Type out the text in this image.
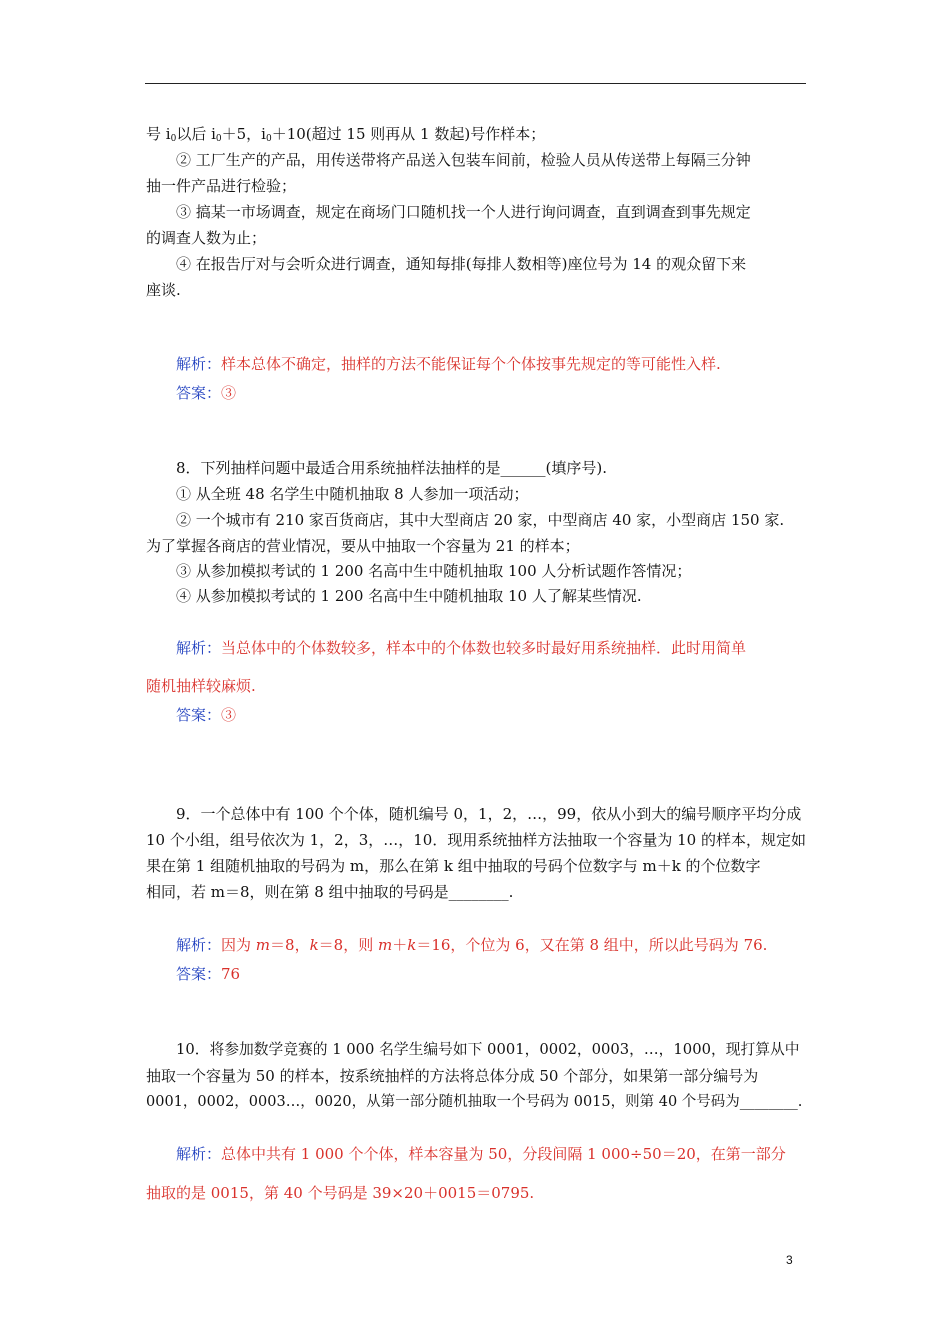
号 $i_0$以后 $i_0+5$，$i_0+10$(超过 15 则再从 1 数起)号作样本；
② 工厂生产的产品，用传送带将产品送入包装车间前，检验人员从传送带上每隔三分钟
抽一件产品进行检验；
③ 搞某一市场调查，规定在商场门口随机找一个人进行询问调查，直到调查到事先规定
的调查人数为止；
④ 在报告厅对与会听众进行调查，通知每排(每排人数相等)座位号为 14 的观众留下来
座谈.
解析：样本总体不确定，抽样的方法不能保证每个个体按事先规定的等可能性入样.
答案：③
8．下列抽样问题中最适合用系统抽样法抽样的是______(填序号).
① 从全班 48 名学生中随机抽取 8 人参加一项活动；
② 一个城市有 210 家百货商店，其中大型商店 20 家，中型商店 40 家，小型商店 150 家.
为了掌握各商店的营业情况，要从中抽取一个容量为 21 的样本；
③ 从参加模拟考试的 1 200 名高中生中随机抽取 100 人分析试题作答情况；
④ 从参加模拟考试的 1 200 名高中生中随机抽取 10 人了解某些情况.
解析：当总体中的个体数较多，样本中的个体数也较多时最好用系统抽样．此时用简单
随机抽样较麻烦.
答案：③
9．一个总体中有 100 个个体，随机编号 0，1，2，…，99，依从小到大的编号顺序平均分成
10 个小组，组号依次为 1，2，3，…，10．现用系统抽样方法抽取一个容量为 10 的样本，规定如
果在第 1 组随机抽取的号码为 m，那么在第 k 组中抽取的号码个位数字与 m＋k 的个位数字
相同，若 m＝8，则在第 8 组中抽取的号码是________.
解析：因为 m＝8，k＝8，则 m＋k＝16，个位为 6，又在第 8 组中，所以此号码为 76.
答案：76
10．将参加数学竞赛的 1 000 名学生编号如下 0001，0002，0003，…，1000，现打算从中
抽取一个容量为 50 的样本，按系统抽样的方法将总体分成 50 个部分，如果第一部分编号为
0001，0002，0003…，0020，从第一部分随机抽取一个号码为 0015，则第 40 个号码为________.
解析：总体中共有 1 000 个个体，样本容量为 50，分段间隔 1 000÷50＝20，在第一部分
抽取的是 0015，第 40 个号码是 39×20＋0015＝0795.
3
